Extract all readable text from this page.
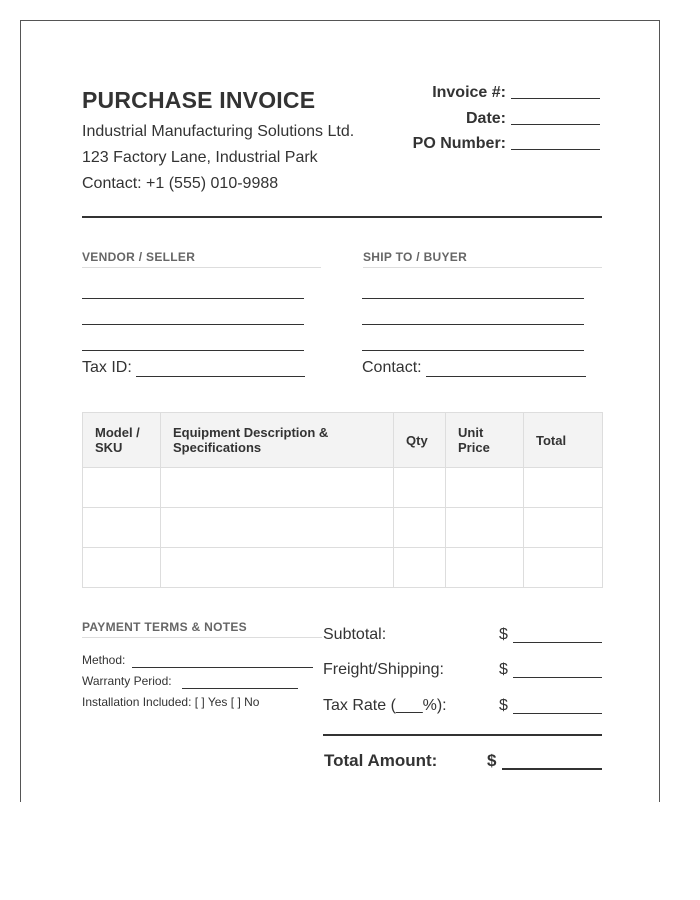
PURCHASE INVOICE
Industrial Manufacturing Solutions Ltd.
123 Factory Lane, Industrial Park
Contact: +1 (555) 010-9988
Invoice #:
Date:
PO Number:
VENDOR / SELLER
Tax ID:
SHIP TO / BUYER
Contact:
Model / SKU	Equipment Description & Specifications	Qty	Unit Price	Total

PAYMENT TERMS & NOTES
Method:
Warranty Period:
Installation Included: [ ] Yes [ ] No
Subtotal:	$
Freight/Shipping:	$
Tax Rate (___%):	$
Total Amount:	$
